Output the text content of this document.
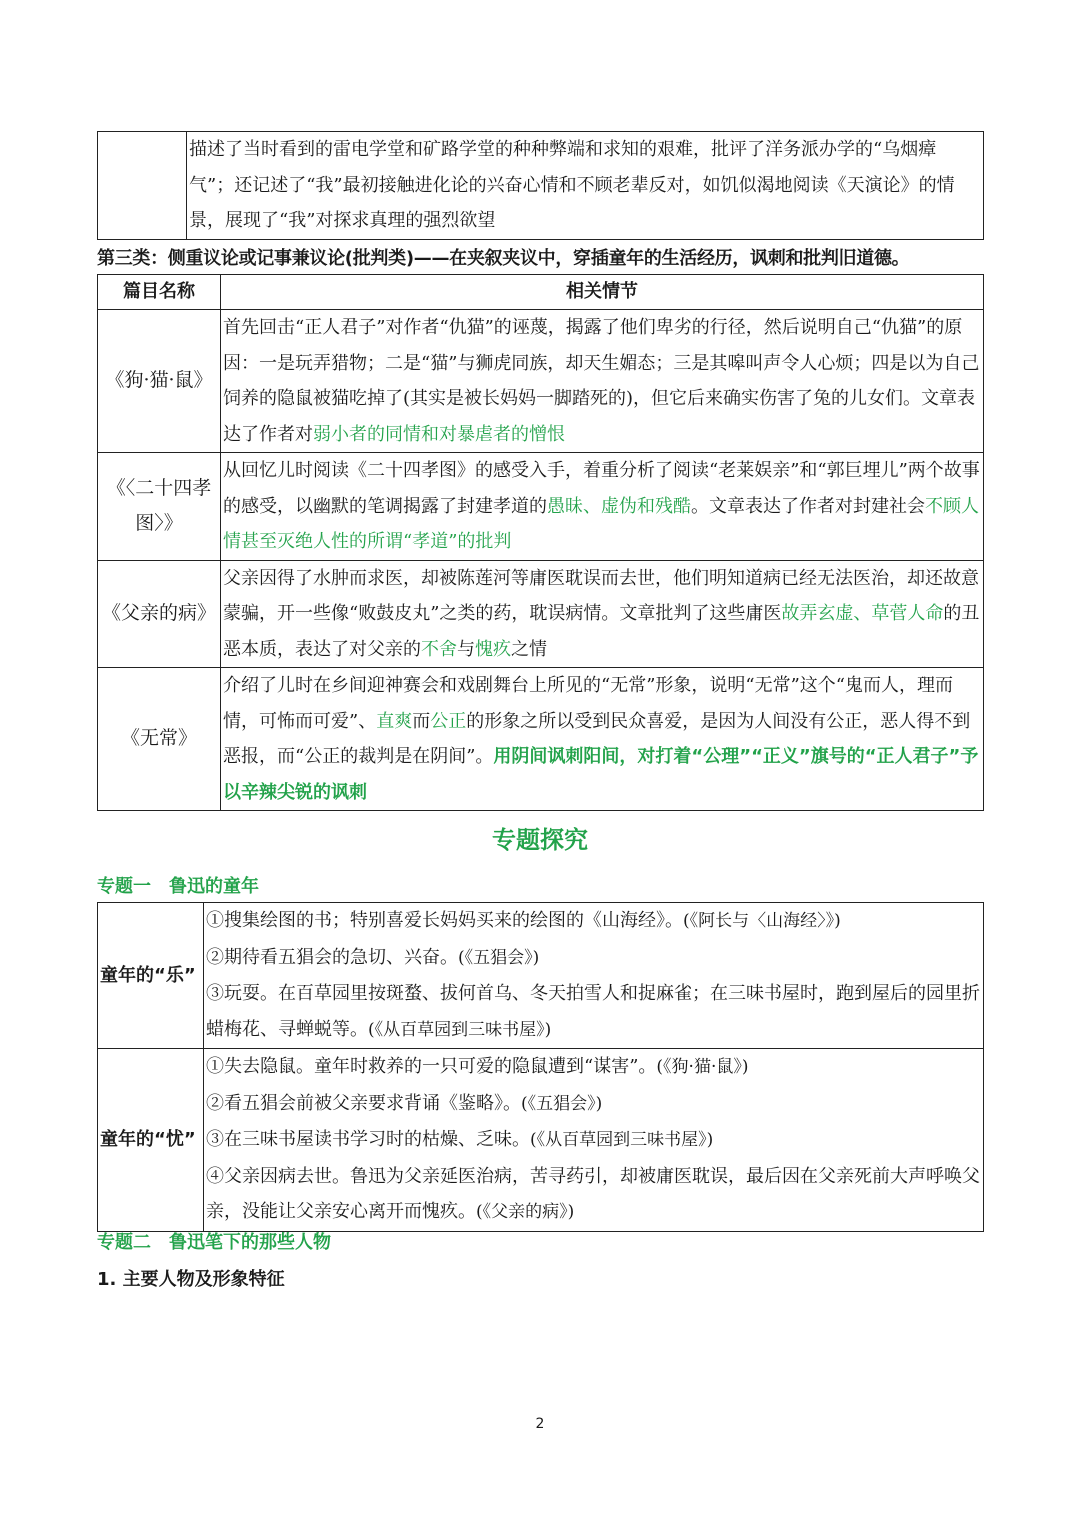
	描述了当时看到的雷电学堂和矿路学堂的种种弊端和求知的艰难，批评了洋务派办学的“乌烟瘴气”；还记述了“我”最初接触进化论的兴奋心情和不顾老辈反对，如饥似渴地阅读《天演论》的情景，展现了“我”对探求真理的强烈欲望
第三类：侧重议论或记事兼议论(批判类)——在夹叙夹议中，穿插童年的生活经历，讽刺和批判旧道德。
篇目名称	相关情节
《狗·猫·鼠》	首先回击“正人君子”对作者“仇猫”的诬蔑，揭露了他们卑劣的行径，然后说明自己“仇猫”的原因：一是玩弄猎物；二是“猫”与狮虎同族，却天生媚态；三是其嗥叫声令人心烦；四是以为自己饲养的隐鼠被猫吃掉了(其实是被长妈妈一脚踏死的)，但它后来确实伤害了兔的儿女们。文章表达了作者对弱小者的同情和对暴虐者的憎恨
《〈二十四孝图〉》	从回忆儿时阅读《二十四孝图》的感受入手，着重分析了阅读“老莱娱亲”和“郭巨埋儿”两个故事的感受，以幽默的笔调揭露了封建孝道的愚昧、虚伪和残酷。文章表达了作者对封建社会不顾人情甚至灭绝人性的所谓“孝道”的批判
《父亲的病》	父亲因得了水肿而求医，却被陈莲河等庸医耽误而去世，他们明知道病已经无法医治，却还故意蒙骗，开一些像“败鼓皮丸”之类的药，耽误病情。文章批判了这些庸医故弄玄虚、草菅人命的丑恶本质，表达了对父亲的不舍与愧疚之情
《无常》	介绍了儿时在乡间迎神赛会和戏剧舞台上所见的“无常”形象，说明“无常”这个“鬼而人，理而情，可怖而可爱”、直爽而公正的形象之所以受到民众喜爱，是因为人间没有公正，恶人得不到恶报，而“公正的裁判是在阴间”。用阴间讽刺阳间，对打着“公理”“正义”旗号的“正人君子”予以辛辣尖锐的讽刺
专题探究
专题一　鲁迅的童年
童年的“乐”	①搜集绘图的书；特别喜爱长妈妈买来的绘图的《山海经》。(《阿长与〈山海经〉》)
②期待看五猖会的急切、兴奋。(《五猖会》)
③玩耍。在百草园里按斑蝥、拔何首乌、冬天拍雪人和捉麻雀；在三味书屋时，跑到屋后的园里折蜡梅花、寻蝉蜕等。(《从百草园到三味书屋》)

童年的“忧”	①失去隐鼠。童年时救养的一只可爱的隐鼠遭到“谋害”。(《狗·猫·鼠》)
②看五猖会前被父亲要求背诵《鉴略》。(《五猖会》)
③在三味书屋读书学习时的枯燥、乏味。(《从百草园到三味书屋》)
④父亲因病去世。鲁迅为父亲延医治病，苦寻药引，却被庸医耽误，最后因在父亲死前大声呼唤父亲，没能让父亲安心离开而愧疚。(《父亲的病》)
专题二　鲁迅笔下的那些人物
1. 主要人物及形象特征
2
